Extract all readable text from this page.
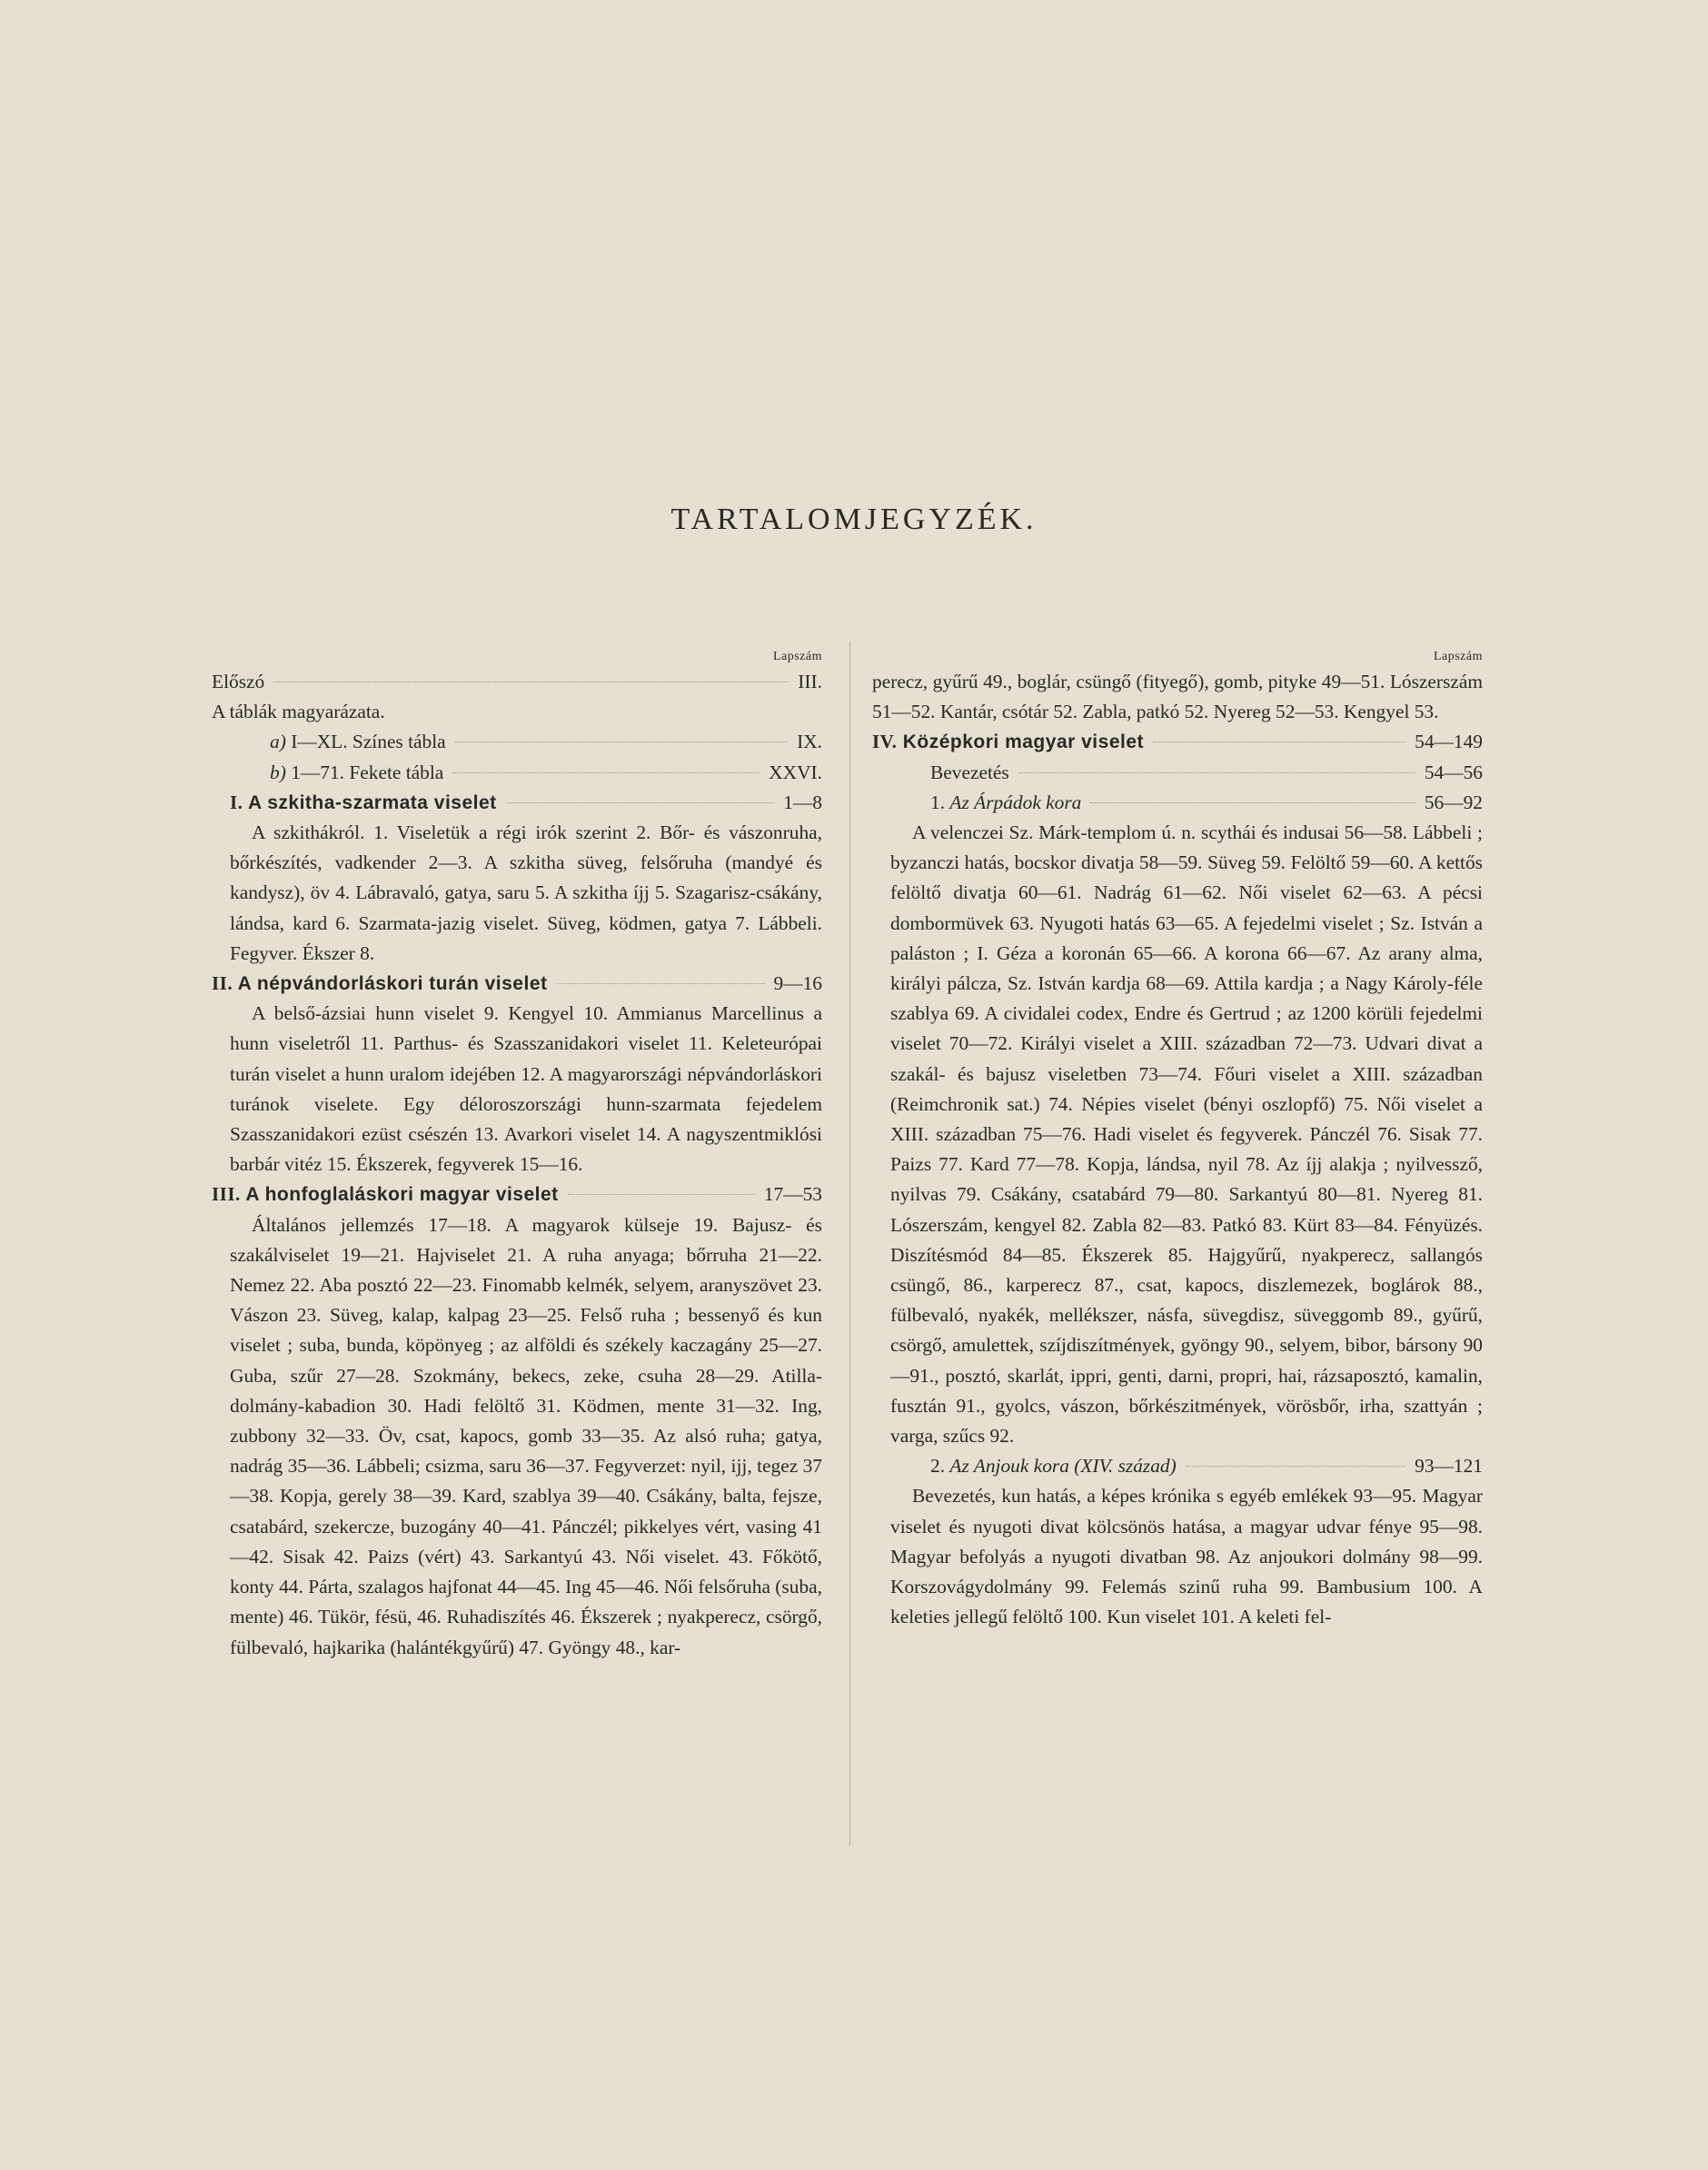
TARTALOMJEGYZÉK.
Lapszám
Előszó	III.
A táblák magyarázata.
a) I—XL. Színes tábla	IX.
b) 1—71. Fekete tábla	XXVI.
I. A szkitha-szarmata viselet	1—8

A szkithákról. 1. Viseletük a régi irók szerint 2. Bőr- és vászonruha, bőrkészítés, vadkender 2—3. A szkitha süveg, felsőruha (mandyé és kandysz), öv 4. Lábravaló, gatya, saru 5. A szkitha íjj 5. Szagarisz-csákány, lándsa, kard 6. Szarmata-jazig viselet. Süveg, ködmen, gatya 7. Lábbeli. Fegyver. Ékszer 8.

II. A népvándorláskori turán viselet	9—16

A belső-ázsiai hunn viselet 9. Kengyel 10. Ammianus Marcellinus a hunn viseletről 11. Parthus- és Szasszanidakori viselet 11. Keleteurópai turán viselet a hunn uralom idejében 12. A magyarországi népvándorláskori turánok viselete. Egy déloroszországi hunn-szarmata fejedelem Szasszanidakori ezüst csészén 13. Avarkori viselet 14. A nagyszentmiklósi barbár vitéz 15. Ékszerek, fegyverek 15—16.

III. A honfoglaláskori magyar viselet	17—53

Általános jellemzés 17—18. A magyarok külseje 19. Bajusz- és szakálviselet 19—21. Hajviselet 21. A ruha anyaga; bőrruha 21—22. Nemez 22. Aba posztó 22—23. Finomabb kelmék, selyem, aranyszövet 23. Vászon 23. Süveg, kalap, kalpag 23—25. Felső ruha ; bessenyő és kun viselet ; suba, bunda, köpönyeg ; az alföldi és székely kaczagány 25—27. Guba, szűr 27—28. Szokmány, bekecs, zeke, csuha 28—29. Atilla-dolmány-kabadion 30. Hadi felöltő 31. Ködmen, mente 31—32. Ing, zubbony 32—33. Öv, csat, kapocs, gomb 33—35. Az alsó ruha; gatya, nadrág 35—36. Lábbeli; csizma, saru 36—37. Fegyverzet: nyil, ijj, tegez 37—38. Kopja, gerely 38—39. Kard, szablya 39—40. Csákány, balta, fejsze, csatabárd, szekercze, buzogány 40—41. Pánczél; pikkelyes vért, vasing 41—42. Sisak 42. Paizs (vért) 43. Sarkantyú 43. Női viselet. 43. Főkötő, konty 44. Párta, szalagos hajfonat 44—45. Ing 45—46. Női felsőruha (suba, mente) 46. Tükör, fésü, 46. Ruhadiszítés 46. Ékszerek ; nyakperecz, csörgő, fülbevaló, hajkarika (halántékgyűrű) 47. Gyöngy 48., kar-

Lapszám

perecz, gyűrű 49., boglár, csüngő (fityegő), gomb, pityke 49—51. Lószerszám 51—52. Kantár, csótár 52. Zabla, patkó 52. Nyereg 52—53. Kengyel 53.

IV. Középkori magyar viselet	54—149
Bevezetés	54—56
1. Az Árpádok kora	56—92

A velenczei Sz. Márk-templom ú. n. scythái és indusai 56—58. Lábbeli ; byzanczi hatás, bocskor divatja 58—59. Süveg 59. Felöltő 59—60. A kettős felöltő divatja 60—61. Nadrág 61—62. Női viselet 62—63. A pécsi dombormüvek 63. Nyugoti hatás 63—65. A fejedelmi viselet ; Sz. István a paláston ; I. Géza a koronán 65—66. A korona 66—67. Az arany alma, királyi pálcza, Sz. István kardja 68—69. Attila kardja ; a Nagy Károly-féle szablya 69. A cividalei codex, Endre és Gertrud ; az 1200 körüli fejedelmi viselet 70—72. Királyi viselet a XIII. században 72—73. Udvari divat a szakál- és bajusz viseletben 73—74. Főuri viselet a XIII. században (Reimchronik sat.) 74. Népies viselet (bényi oszlopfő) 75. Női viselet a XIII. században 75—76. Hadi viselet és fegyverek. Pánczél 76. Sisak 77. Paizs 77. Kard 77—78. Kopja, lándsa, nyil 78. Az íjj alakja ; nyilvessző, nyilvas 79. Csákány, csatabárd 79—80. Sarkantyú 80—81. Nyereg 81. Lószerszám, kengyel 82. Zabla 82—83. Patkó 83. Kürt 83—84. Fényüzés. Diszítésmód 84—85. Ékszerek 85. Hajgyűrű, nyakperecz, sallangós csüngő, 86., karperecz 87., csat, kapocs, diszlemezek, boglárok 88., fülbevaló, nyakék, mellékszer, násfa, süvegdisz, süveggomb 89., gyűrű, csörgő, amulettek, szíjdiszítmények, gyöngy 90., selyem, bibor, bársony 90—91., posztó, skarlát, ippri, genti, darni, propri, hai, rázsaposztó, kamalin, fusztán 91., gyolcs, vászon, bőrkészitmények, vörösbőr, irha, szattyán ; varga, szűcs 92.

2. Az Anjouk kora (XIV. század)	93—121

Bevezetés, kun hatás, a képes krónika s egyéb emlékek 93—95. Magyar viselet és nyugoti divat kölcsönös hatása, a magyar udvar fénye 95—98. Magyar befolyás a nyugoti divatban 98. Az anjoukori dolmány 98—99. Korszovágydolmány 99. Felemás szinű ruha 99. Bambusium 100. A keleties jellegű felöltő 100. Kun viselet 101. A keleti fel-
